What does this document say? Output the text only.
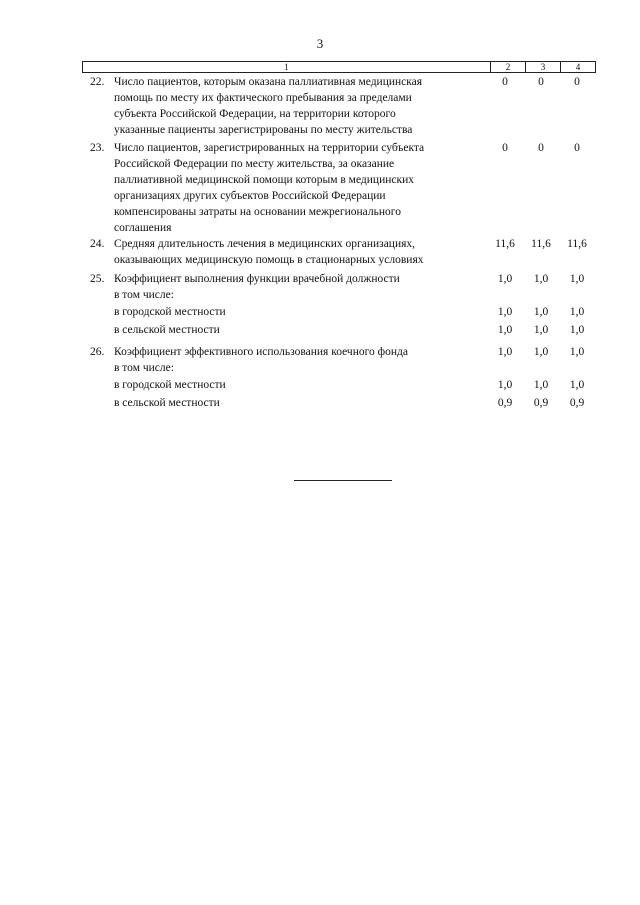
3
1	2	3	4
22. Число пациентов, которым оказана паллиативная медицинская
помощь по месту их фактического пребывания за пределами
субъекта Российской Федерации, на территории которого
указанные пациенты зарегистрированы по месту жительства
0	0	0
23. Число пациентов, зарегистрированных на территории субъекта
Российской Федерации по месту жительства, за оказание
паллиативной медицинской помощи которым в медицинских
организациях других субъектов Российской Федерации
компенсированы затраты на основании межрегионального
соглашения
0	0	0
24. Средняя длительность лечения в медицинских организациях,
оказывающих медицинскую помощь в стационарных условиях
11,6	11,6	11,6
25. Коэффициент выполнения функции врачебной должности
в том числе:
1,0	1,0	1,0
в городской местности	1,0	1,0	1,0
в сельской местности	1,0	1,0	1,0
26. Коэффициент эффективного использования коечного фонда
в том числе:
1,0	1,0	1,0
в городской местности	1,0	1,0	1,0
в сельской местности	0,9	0,9	0,9
